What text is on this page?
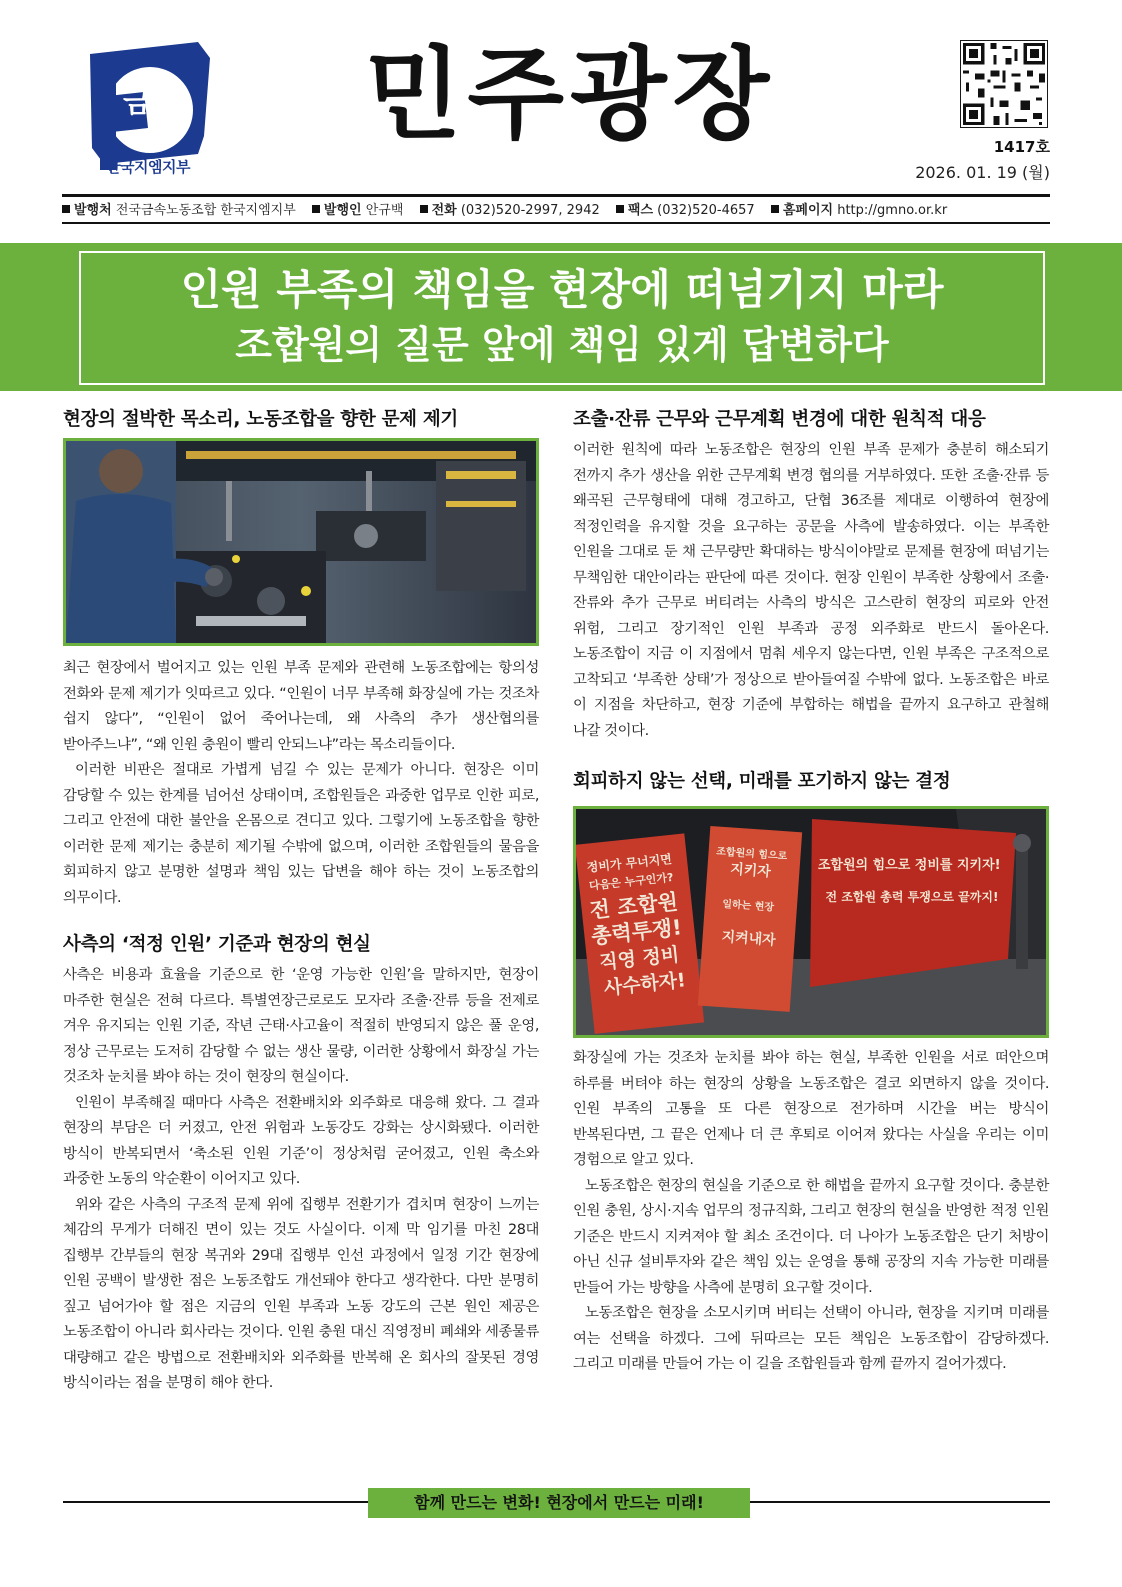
금속
한국지엠지부
민주광장	1417호
2026. 01. 19 (월)
발행처 전국금속노동조합 한국지엠지부 발행인 안규백 전화 (032)520-2997, 2942 팩스 (032)520-4657 홈페이지 http://gmno.or.kr
인원 부족의 책임을 현장에 떠넘기지 마라
조합원의 질문 앞에 책임 있게 답변하다
현장의 절박한 목소리, 노동조합을 향한 문제 제기

최근 현장에서 벌어지고 있는 인원 부족 문제와 관련해 노동조합에는 항의성 전화와 문제 제기가 잇따르고 있다. “인원이 너무 부족해 화장실에 가는 것조차 쉽지 않다”, “인원이 없어 죽어나는데, 왜 사측의 추가 생산협의를 받아주느냐”, “왜 인원 충원이 빨리 안되느냐”라는 목소리들이다.

이러한 비판은 절대로 가볍게 넘길 수 있는 문제가 아니다. 현장은 이미 감당할 수 있는 한계를 넘어선 상태이며, 조합원들은 과중한 업무로 인한 피로, 그리고 안전에 대한 불안을 온몸으로 견디고 있다. 그렇기에 노동조합을 향한 이러한 문제 제기는 충분히 제기될 수밖에 없으며, 이러한 조합원들의 물음을 회피하지 않고 분명한 설명과 책임 있는 답변을 해야 하는 것이 노동조합의 의무이다.

사측의 ‘적정 인원’ 기준과 현장의 현실

사측은 비용과 효율을 기준으로 한 ‘운영 가능한 인원’을 말하지만, 현장이 마주한 현실은 전혀 다르다. 특별연장근로로도 모자라 조출·잔류 등을 전제로 겨우 유지되는 인원 기준, 작년 근태·사고율이 적절히 반영되지 않은 풀 운영, 정상 근무로는 도저히 감당할 수 없는 생산 물량, 이러한 상황에서 화장실 가는 것조차 눈치를 봐야 하는 것이 현장의 현실이다.

인원이 부족해질 때마다 사측은 전환배치와 외주화로 대응해 왔다. 그 결과 현장의 부담은 더 커졌고, 안전 위험과 노동강도 강화는 상시화됐다. 이러한 방식이 반복되면서 ‘축소된 인원 기준’이 정상처럼 굳어졌고, 인원 축소와 과중한 노동의 악순환이 이어지고 있다.

위와 같은 사측의 구조적 문제 위에 집행부 전환기가 겹치며 현장이 느끼는 체감의 무게가 더해진 면이 있는 것도 사실이다. 이제 막 임기를 마친 28대 집행부 간부들의 현장 복귀와 29대 집행부 인선 과정에서 일정 기간 현장에 인원 공백이 발생한 점은 노동조합도 개선돼야 한다고 생각한다. 다만 분명히 짚고 넘어가야 할 점은 지금의 인원 부족과 노동 강도의 근본 원인 제공은 노동조합이 아니라 회사라는 것이다. 인원 충원 대신 직영정비 폐쇄와 세종물류 대량해고 같은 방법으로 전환배치와 외주화를 반복해 온 회사의 잘못된 경영 방식이라는 점을 분명히 해야 한다.

조출·잔류 근무와 근무계획 변경에 대한 원칙적 대응

이러한 원칙에 따라 노동조합은 현장의 인원 부족 문제가 충분히 해소되기 전까지 추가 생산을 위한 근무계획 변경 협의를 거부하였다. 또한 조출·잔류 등 왜곡된 근무형태에 대해 경고하고, 단협 36조를 제대로 이행하여 현장에 적정인력을 유지할 것을 요구하는 공문을 사측에 발송하였다. 이는 부족한 인원을 그대로 둔 채 근무량만 확대하는 방식이야말로 문제를 현장에 떠넘기는 무책임한 대안이라는 판단에 따른 것이다. 현장 인원이 부족한 상황에서 조출·잔류와 추가 근무로 버티려는 사측의 방식은 고스란히 현장의 피로와 안전 위험, 그리고 장기적인 인원 부족과 공정 외주화로 반드시 돌아온다. 노동조합이 지금 이 지점에서 멈춰 세우지 않는다면, 인원 부족은 구조적으로 고착되고 ‘부족한 상태’가 정상으로 받아들여질 수밖에 없다. 노동조합은 바로 이 지점을 차단하고, 현장 기준에 부합하는 해법을 끝까지 요구하고 관철해 나갈 것이다.

회피하지 않는 선택, 미래를 포기하지 않는 결정
정비가 무너지면 다음은 누구인가? 전 조합원 총력투쟁! 직영 정비 사수하자!
조합원의 힘으로 지키자 일하는 현장 지켜내자
조합원의 힘으로 정비를 지키자! 전 조합원 총력 투쟁으로 끝까지!

화장실에 가는 것조차 눈치를 봐야 하는 현실, 부족한 인원을 서로 떠안으며 하루를 버텨야 하는 현장의 상황을 노동조합은 결코 외면하지 않을 것이다. 인원 부족의 고통을 또 다른 현장으로 전가하며 시간을 버는 방식이 반복된다면, 그 끝은 언제나 더 큰 후퇴로 이어져 왔다는 사실을 우리는 이미 경험으로 알고 있다.

노동조합은 현장의 현실을 기준으로 한 해법을 끝까지 요구할 것이다. 충분한 인원 충원, 상시·지속 업무의 정규직화, 그리고 현장의 현실을 반영한 적정 인원 기준은 반드시 지켜져야 할 최소 조건이다. 더 나아가 노동조합은 단기 처방이 아닌 신규 설비투자와 같은 책임 있는 운영을 통해 공장의 지속 가능한 미래를 만들어 가는 방향을 사측에 분명히 요구할 것이다.

노동조합은 현장을 소모시키며 버티는 선택이 아니라, 현장을 지키며 미래를 여는 선택을 하겠다. 그에 뒤따르는 모든 책임은 노동조합이 감당하겠다. 그리고 미래를 만들어 가는 이 길을 조합원들과 함께 끝까지 걸어가겠다.

함께 만드는 변화! 현장에서 만드는 미래!
